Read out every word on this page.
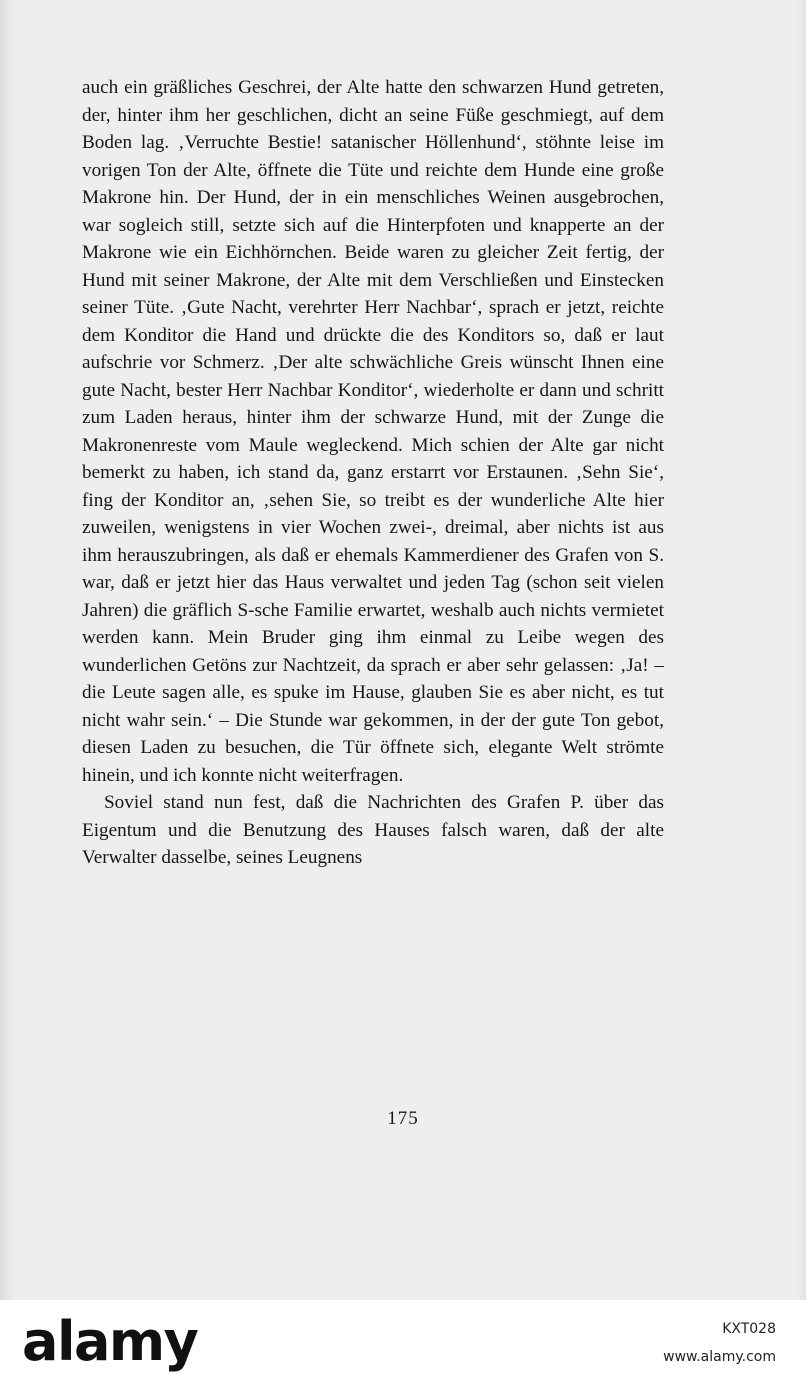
auch ein gräßliches Geschrei, der Alte hatte den schwarzen Hund getreten, der, hinter ihm her geschlichen, dicht an seine Füße geschmiegt, auf dem Boden lag. ‚Verruchte Bestie! satanischer Höllenhund‘, stöhnte leise im vorigen Ton der Alte, öffnete die Tüte und reichte dem Hunde eine große Makrone hin. Der Hund, der in ein menschliches Weinen ausgebrochen, war sogleich still, setzte sich auf die Hinterpfoten und knapperte an der Makrone wie ein Eichhörnchen. Beide waren zu gleicher Zeit fertig, der Hund mit seiner Makrone, der Alte mit dem Verschließen und Einstecken seiner Tüte. ‚Gute Nacht, verehrter Herr Nachbar‘, sprach er jetzt, reichte dem Konditor die Hand und drückte die des Konditors so, daß er laut aufschrie vor Schmerz. ‚Der alte schwächliche Greis wünscht Ihnen eine gute Nacht, bester Herr Nachbar Konditor‘, wiederholte er dann und schritt zum Laden heraus, hinter ihm der schwarze Hund, mit der Zunge die Makronenreste vom Maule wegleckend. Mich schien der Alte gar nicht bemerkt zu haben, ich stand da, ganz erstarrt vor Erstaunen. ‚Sehn Sie‘, fing der Konditor an, ‚sehen Sie, so treibt es der wunderliche Alte hier zuweilen, wenigstens in vier Wochen zwei-, dreimal, aber nichts ist aus ihm herauszubringen, als daß er ehemals Kammerdiener des Grafen von S. war, daß er jetzt hier das Haus verwaltet und jeden Tag (schon seit vielen Jahren) die gräflich S-sche Familie erwartet, weshalb auch nichts vermietet werden kann. Mein Bruder ging ihm einmal zu Leibe wegen des wunderlichen Getöns zur Nachtzeit, da sprach er aber sehr gelassen: ‚Ja! – die Leute sagen alle, es spuke im Hause, glauben Sie es aber nicht, es tut nicht wahr sein.‘ – Die Stunde war gekommen, in der der gute Ton gebot, diesen Laden zu besuchen, die Tür öffnete sich, elegante Welt strömte hinein, und ich konnte nicht weiterfragen.

Soviel stand nun fest, daß die Nachrichten des Grafen P. über das Eigentum und die Benutzung des Hauses falsch waren, daß der alte Verwalter dasselbe, seines Leugnens

175
alamy	KXT028
www.alamy.com
